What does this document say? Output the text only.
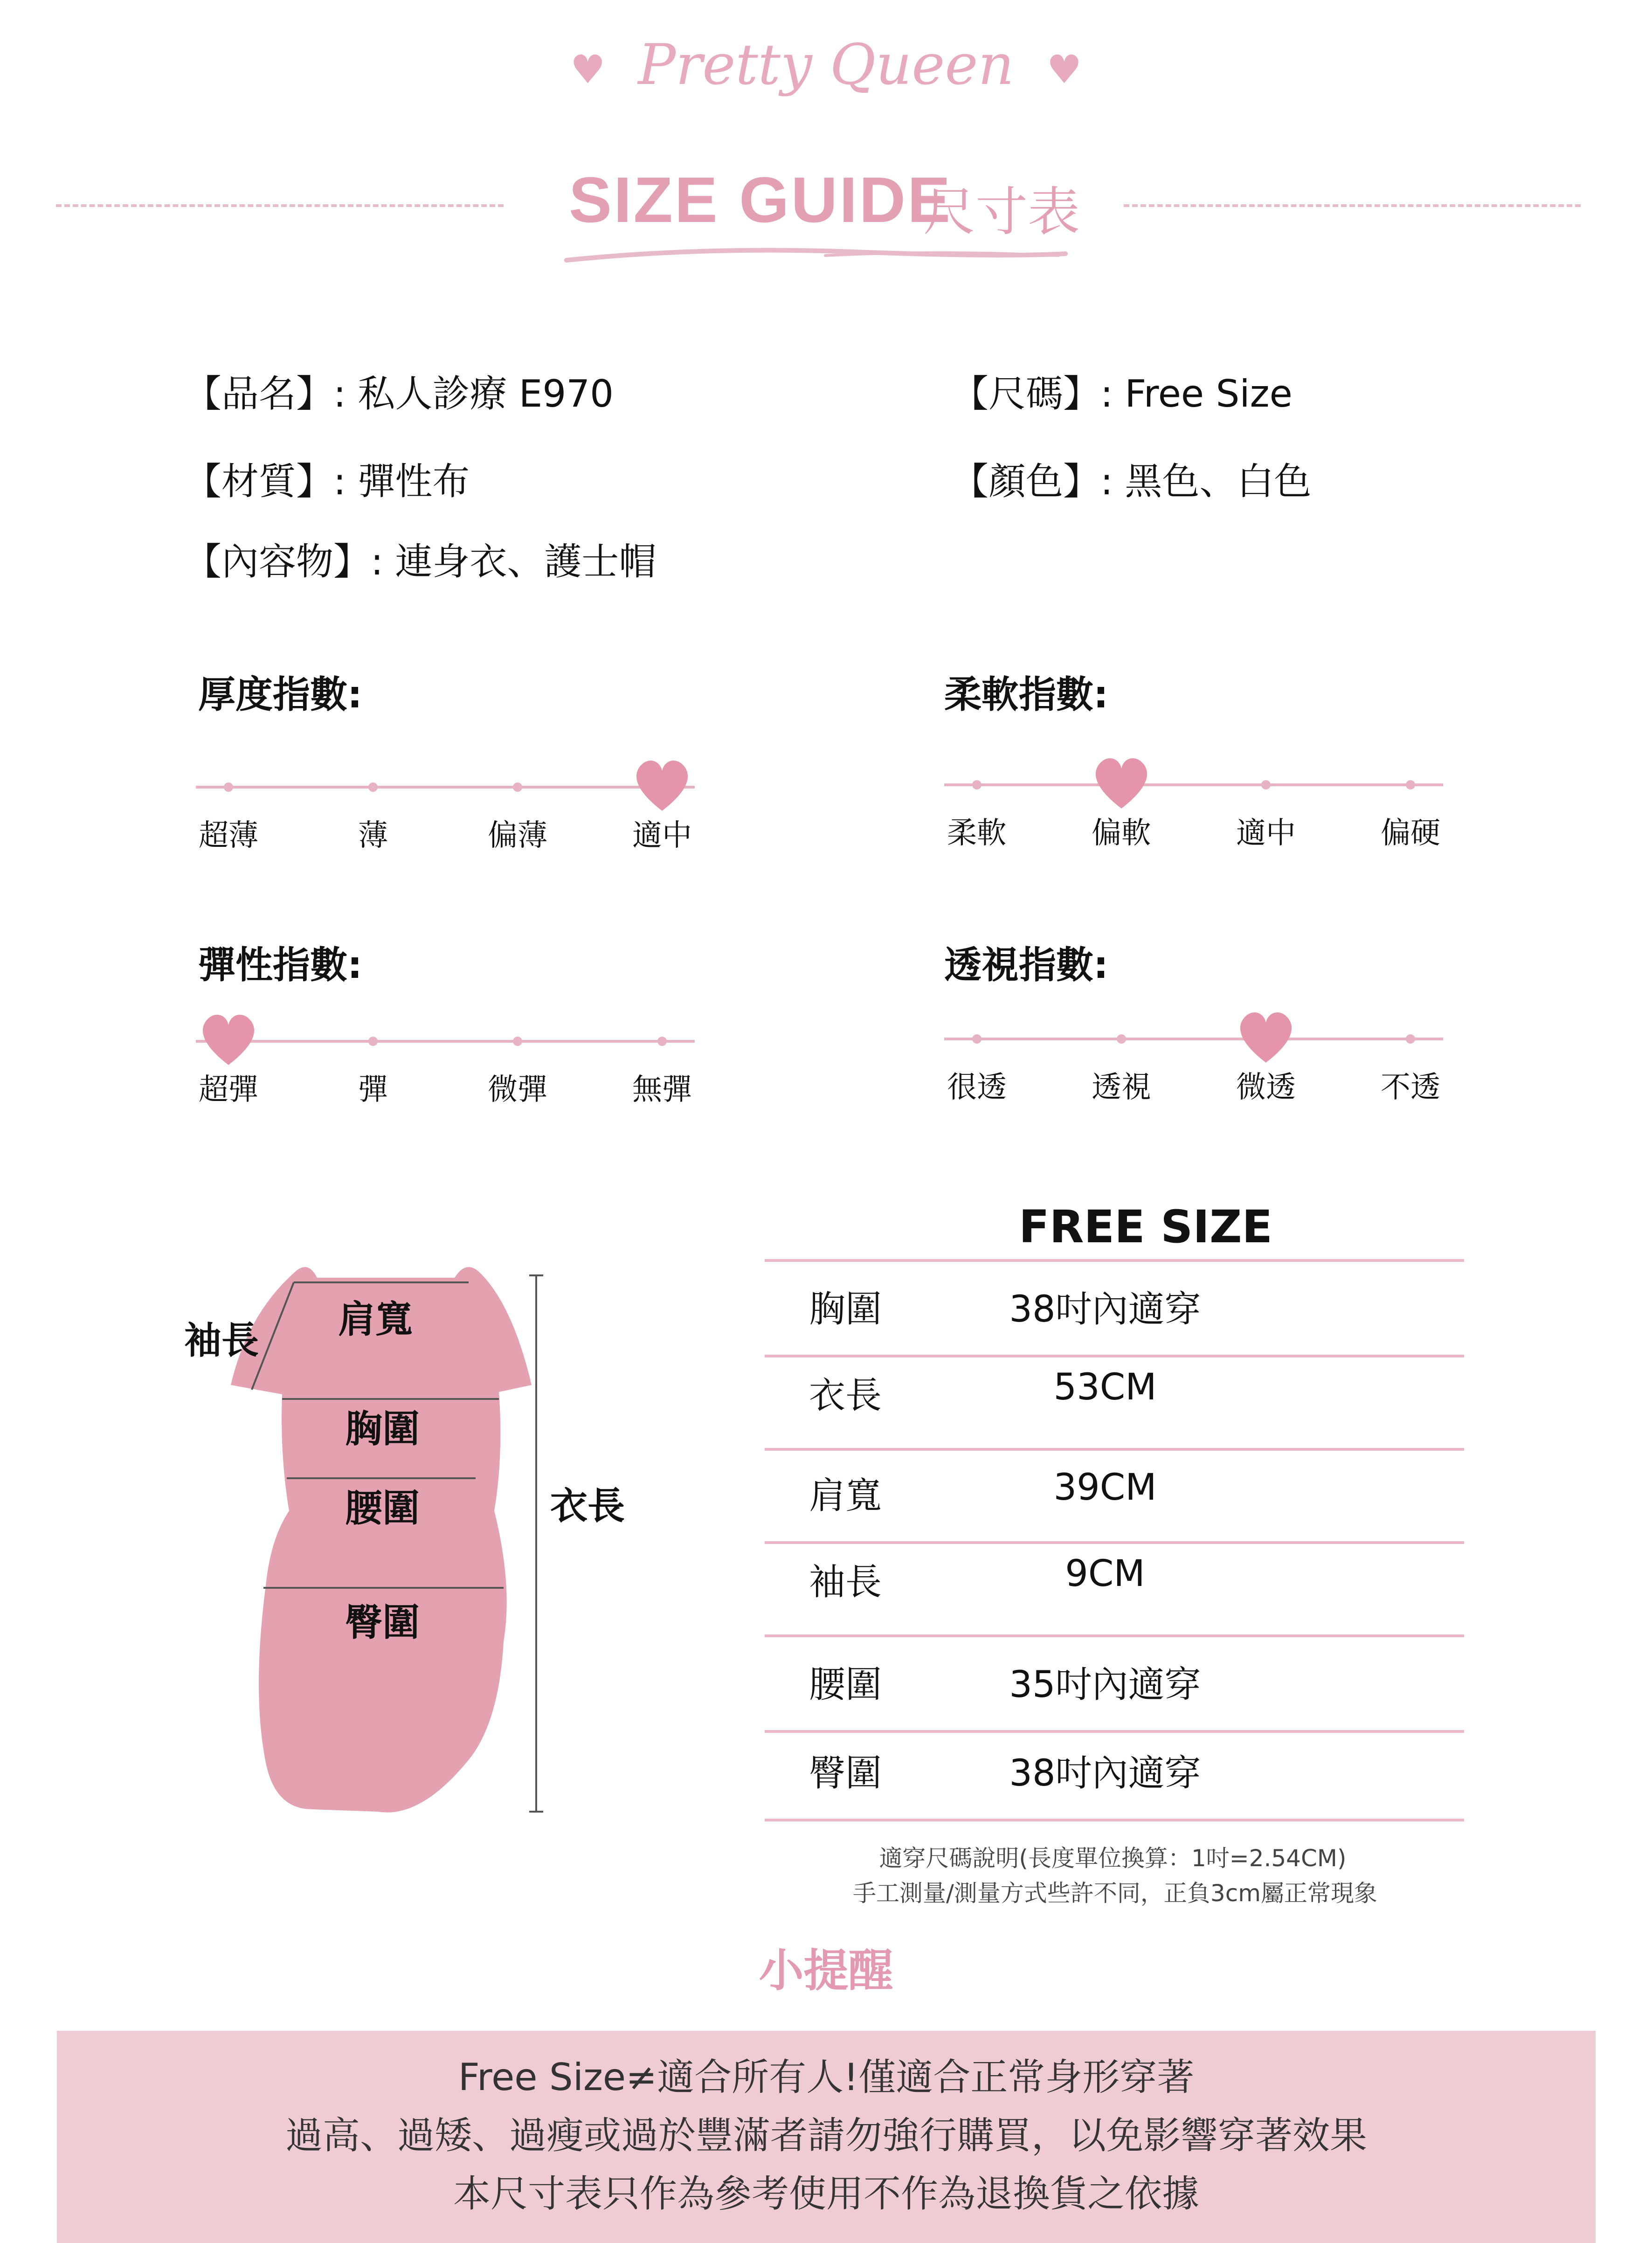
♥ Pretty Queen ♥
SIZE GUIDE
尺寸表
【品名】: 私人診療 E970	【尺碼】: Free Size
【材質】: 彈性布	【顏色】: 黑色、白色
【內容物】: 連身衣、護士帽
厚度指數:	柔軟指數:
彈性指數:	透視指數:
超薄	薄	偏薄	適中	柔軟	偏軟	適中	偏硬
超彈	彈	微彈	無彈	很透	透視	微透	不透
袖長 肩寬
胸圍
腰圍
臀圍
衣長
FREE SIZE
胸圍	38吋內適穿
衣長	53CM
肩寬	39CM
袖長	9CM
腰圍	35吋內適穿
臀圍	38吋內適穿
適穿尺碼說明(長度單位換算：1吋=2.54CM)
手工測量/測量方式些許不同，正負3cm屬正常現象
小提醒
Free Size≠適合所有人!僅適合正常身形穿著
過高、過矮、過瘦或過於豐滿者請勿強行購買，以免影響穿著效果
本尺寸表只作為參考使用不作為退換貨之依據
